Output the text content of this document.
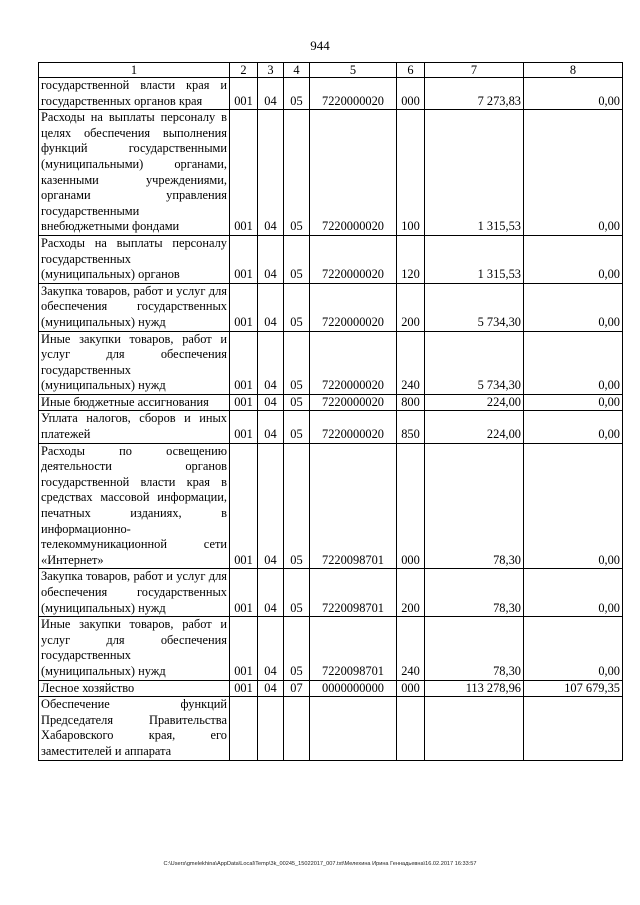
944
1	2	3	4	5	6	7	8
государственной власти края и государственных органов края	001	04	05	7220000020	000	7 273,83	0,00
Расходы на выплаты персоналу в целях обеспечения выполнения функций государственными (муниципальными) органами, казенными учреждениями, органами управления государственными внебюджетными фондами	001	04	05	7220000020	100	1 315,53	0,00
Расходы на выплаты персоналу государственных (муниципальных) органов	001	04	05	7220000020	120	1 315,53	0,00
Закупка товаров, работ и услуг для обеспечения государственных (муниципальных) нужд	001	04	05	7220000020	200	5 734,30	0,00
Иные закупки товаров, работ и услуг для обеспечения государственных (муниципальных) нужд	001	04	05	7220000020	240	5 734,30	0,00
Иные бюджетные ассигнования	001	04	05	7220000020	800	224,00	0,00
Уплата налогов, сборов и иных платежей	001	04	05	7220000020	850	224,00	0,00
Расходы по освещению деятельности органов государственной власти края в средствах массовой информации, печатных изданиях, в информационно-телекоммуникационной сети «Интернет»	001	04	05	7220098701	000	78,30	0,00
Закупка товаров, работ и услуг для обеспечения государственных (муниципальных) нужд	001	04	05	7220098701	200	78,30	0,00
Иные закупки товаров, работ и услуг для обеспечения государственных (муниципальных) нужд	001	04	05	7220098701	240	78,30	0,00
Лесное хозяйство	001	04	07	0000000000	000	113 278,96	107 679,35
Обеспечение функций Председателя Правительства Хабаровского края, его заместителей и аппарата							
C:\Users\gmelekhina\AppData\Local\Temp\3k_00245_15022017_007.txt\Мелехина Ирина Геннадьевна\16.02.2017 16:33:57
